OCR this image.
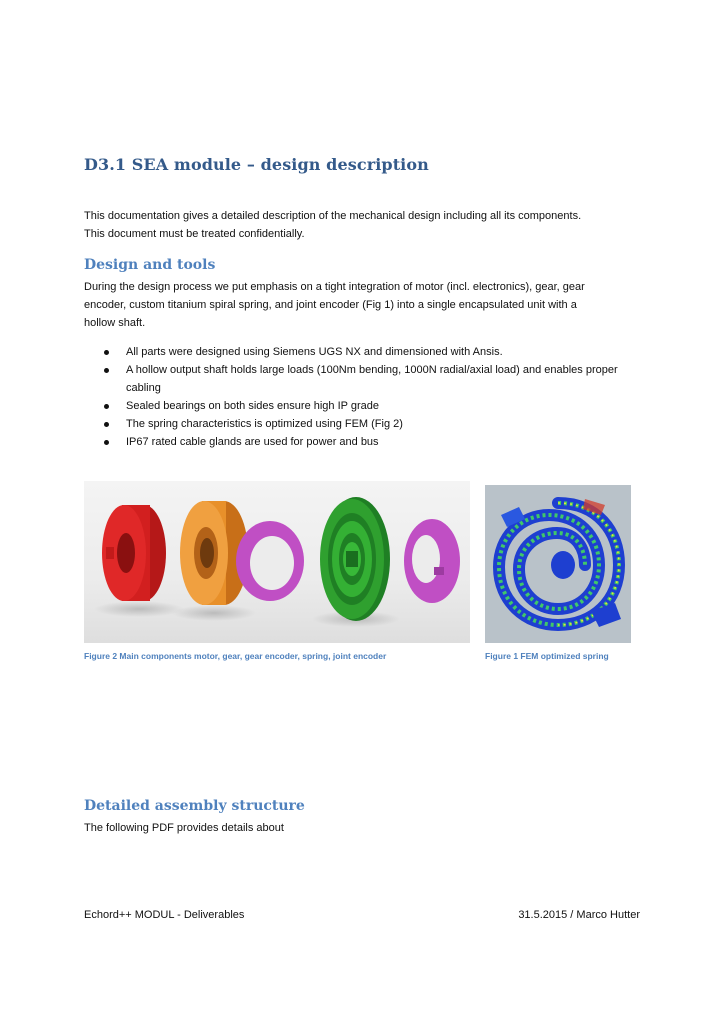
D3.1 SEA module – design description
This documentation gives a detailed description of the mechanical design including all its components.
This document must be treated confidentially.
Design and tools
During the design process we put emphasis on a tight integration of motor (incl. electronics), gear, gear
encoder, custom titanium spiral spring, and joint encoder (Fig 1) into a single encapsulated unit with a
hollow shaft.
All parts were designed using Siemens UGS NX and dimensioned with Ansis.
A hollow output shaft holds large loads (100Nm bending, 1000N radial/axial load) and enables proper cabling
Sealed bearings on both sides ensure high IP grade
The spring characteristics is optimized using FEM (Fig 2)
IP67 rated cable glands are used for power and bus
Figure 2 Main components motor, gear, gear encoder, spring, joint encoder	Figure 1 FEM optimized spring
Detailed assembly structure
The following PDF provides details about
Echord++ MODUL - Deliverables	31.5.2015 / Marco Hutter
